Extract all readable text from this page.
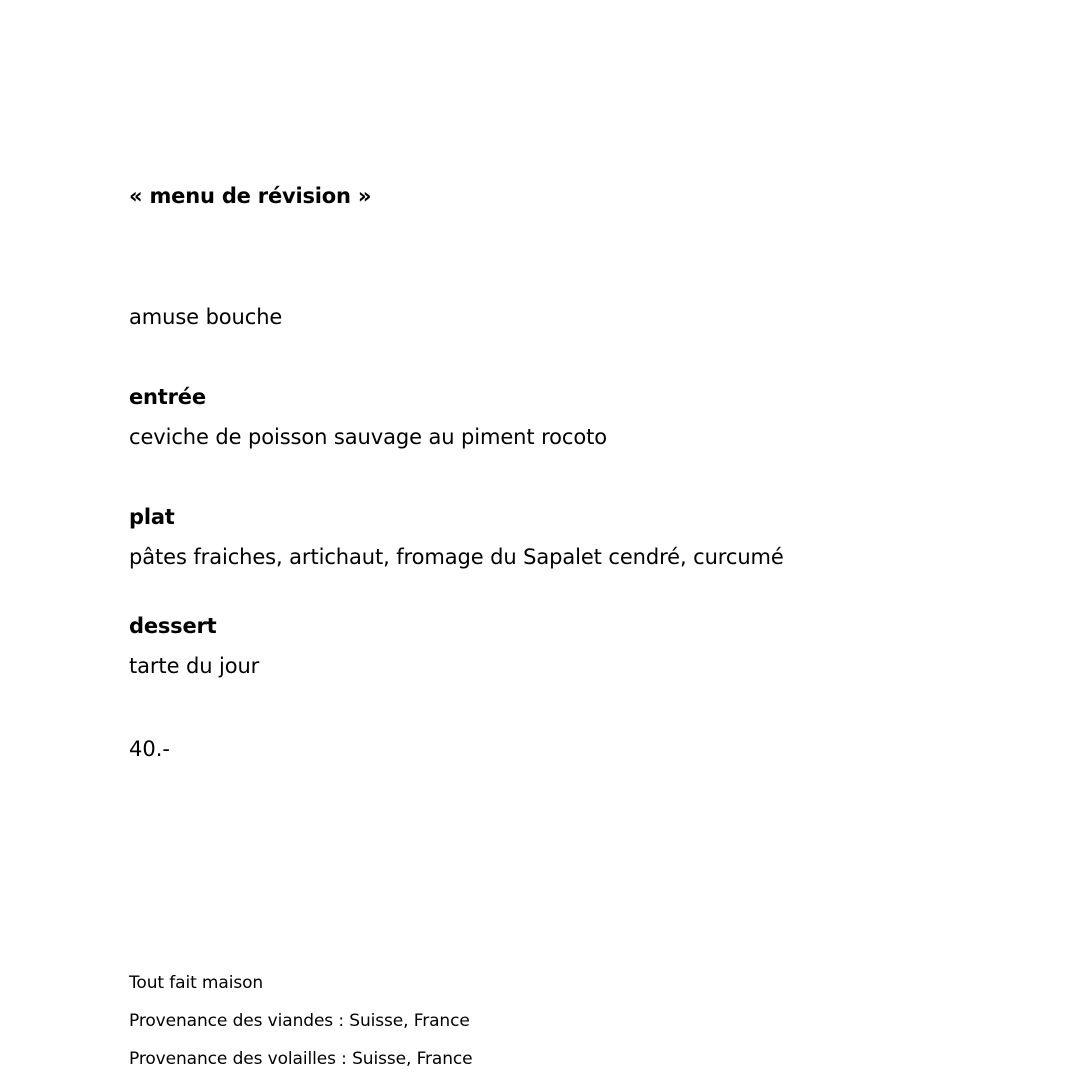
« menu de révision »
amuse bouche
entrée
ceviche de poisson sauvage au piment rocoto
plat
pâtes fraiches, artichaut, fromage du Sapalet cendré, curcumé
dessert
tarte du jour
40.-
Tout fait maison
Provenance des viandes : Suisse, France
Provenance des volailles : Suisse, France
